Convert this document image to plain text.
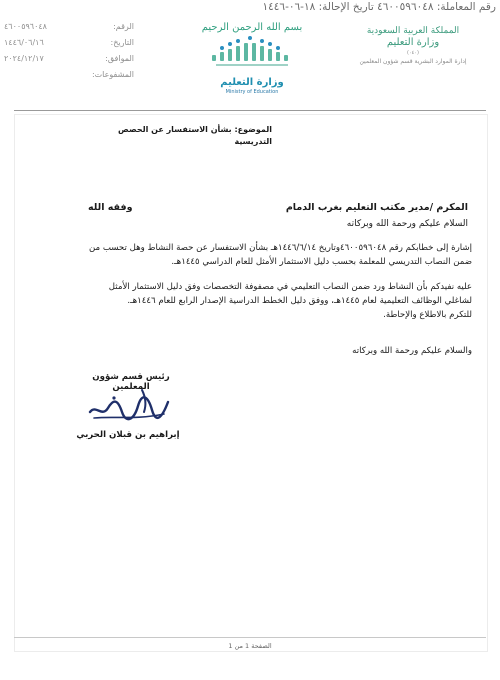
رقم المعاملة: ٤٦٠٠٥٩٦٠٤٨ تاريخ الإحالة: ١٨-٠٦-١٤٤٦
٤٦٠٠٥٩٦٠٤٨	الرقم:
١٤٤٦/٠٦/١٦	التاريخ:
٢٠٢٤/١٢/١٧	الموافق:
المشفوعات:
بسم الله الرحمن الرحيم
وزارة التعليم
Ministry of Education
المملكة العربية السعودية
وزارة التعليم
(٠٤٠)
إدارة الموارد البشرية قسم شؤون المعلمين
الموضوع: بشأن الاستفسار عن الحصص
التدريسية
المكرم /مدير مكتب التعليم بغرب الدمام
وفقه الله
السلام عليكم ورحمة الله وبركاته
إشارة إلى خطابكم رقم ٤٦٠٠٥٩٦٠٤٨وتاريخ ١٤٤٦/٦/١٤هـ بشأن الاستفسار عن حصة النشاط وهل تحسب من
ضمن النصاب التدريسي للمعلمة بحسب دليل الاستثمار الأمثل للعام الدراسي ١٤٤٥هـ.
عليه نفيدكم بأن النشاط ورد ضمن النصاب التعليمي في مصفوفة التخصصات وفق دليل الاستثمار الأمثل
لشاغلي الوظائف التعليمية لعام ١٤٤٥هـ، ووفق دليل الخطط الدراسية الإصدار الرابع للعام ١٤٤٦هـ.
للتكرم بالاطلاع والإحاطة.
والسلام عليكم ورحمة الله وبركاته
رئيس قسم شؤون المعلمين
إبراهيم بن قبلان الحربي
الصفحة 1 من 1
